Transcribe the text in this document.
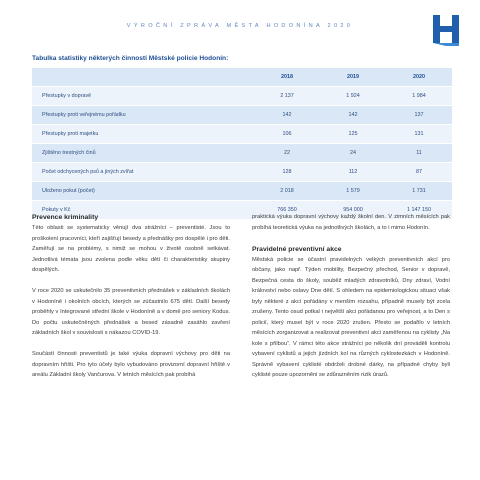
VÝROČNÍ ZPRÁVA MĚSTA HODONÍNA 2020
Tabulka statistiky některých činností Městské policie Hodonín:
	2018	2019	2020
Přestupky v dopravě	2 137	1 924	1 984
Přestupky proti veřejnému pořádku	142	142	137
Přestupky proti majetku	106	125	131
Zjištěno trestných činů	22	24	11
Počet odchycených psů a jiných zvířat	128	112	87
Uloženo pokut (počet)	2 018	1 579	1 731
Pokuty v Kč	766 350	954 000	1 147 150
Prevence kriminality

Této oblasti se systematicky věnují dva strážníci – preventisté. Jsou to proškolení pracovníci, kteří zajišťují besedy a přednášky pro dospělé i pro děti. Zaměřují se na problémy, s nimiž se mohou v životě osobně setkávat. Jednotlivá témata jsou zvolena podle věku dětí či charakteristiky skupiny dospělých.

V roce 2020 se uskutečnilo 35 preventivních přednášek v základních školách v Hodoníně i okolních obcích, kterých se zúčastnilo 675 dětí. Další besedy proběhly v Integrované střední škole v Hodoníně a v domě pro seniory Kodus. Do počtu uskutečněných přednášek a besed zásadně zasáhlo zavření základních škol v souvislosti s nákazou COVID-19.

Součástí činnosti preventistů je také výuka dopravní výchovy pro děti na dopravním hřišti. Pro tyto účely bylo vybudováno provizorní dopravní hřiště v areálu Základní školy Vančurova. V letních měsících pak probíhá

praktická výuka dopravní výchovy každý školní den. V zimních měsících pak probíhá teoretická výuka na jednotlivých školách, a to i mimo Hodonín.

Pravidelné preventivní akce

Městská policie se účastní pravidelných velkých preventivních akcí pro občany, jako např. Týden mobility, Bezpečný přechod, Senior v dopravě, Bezpečná cesta do školy, souběž mladých zdravotníků, Dny zdraví, Vodní království nebo oslavy Dne dětí. S ohledem na epidemiologickou situaci však byly některé z akcí pořádány v menším rozsahu, případně musely být zcela zrušeny. Tento osud potkal i největší akci pořádanou pro veřejnost, a to Den s policií, který musel být v roce 2020 zrušen. Přesto se podařilo v letních měsících zorganizovat a realizovat preventivní akci zaměřenou na cyklisty „Na kole s přilbou“. V rámci této akce strážníci po několik dní prováděli kontrolu vybavení cyklistů a jejich jízdních kol na různých cyklostezkách v Hodoníně. Správně vybavení cyklisté obdrželi drobné dárky, na případné chyby byli cyklisté pouze upozorněni se zdůrazněním rizik úrazů.
